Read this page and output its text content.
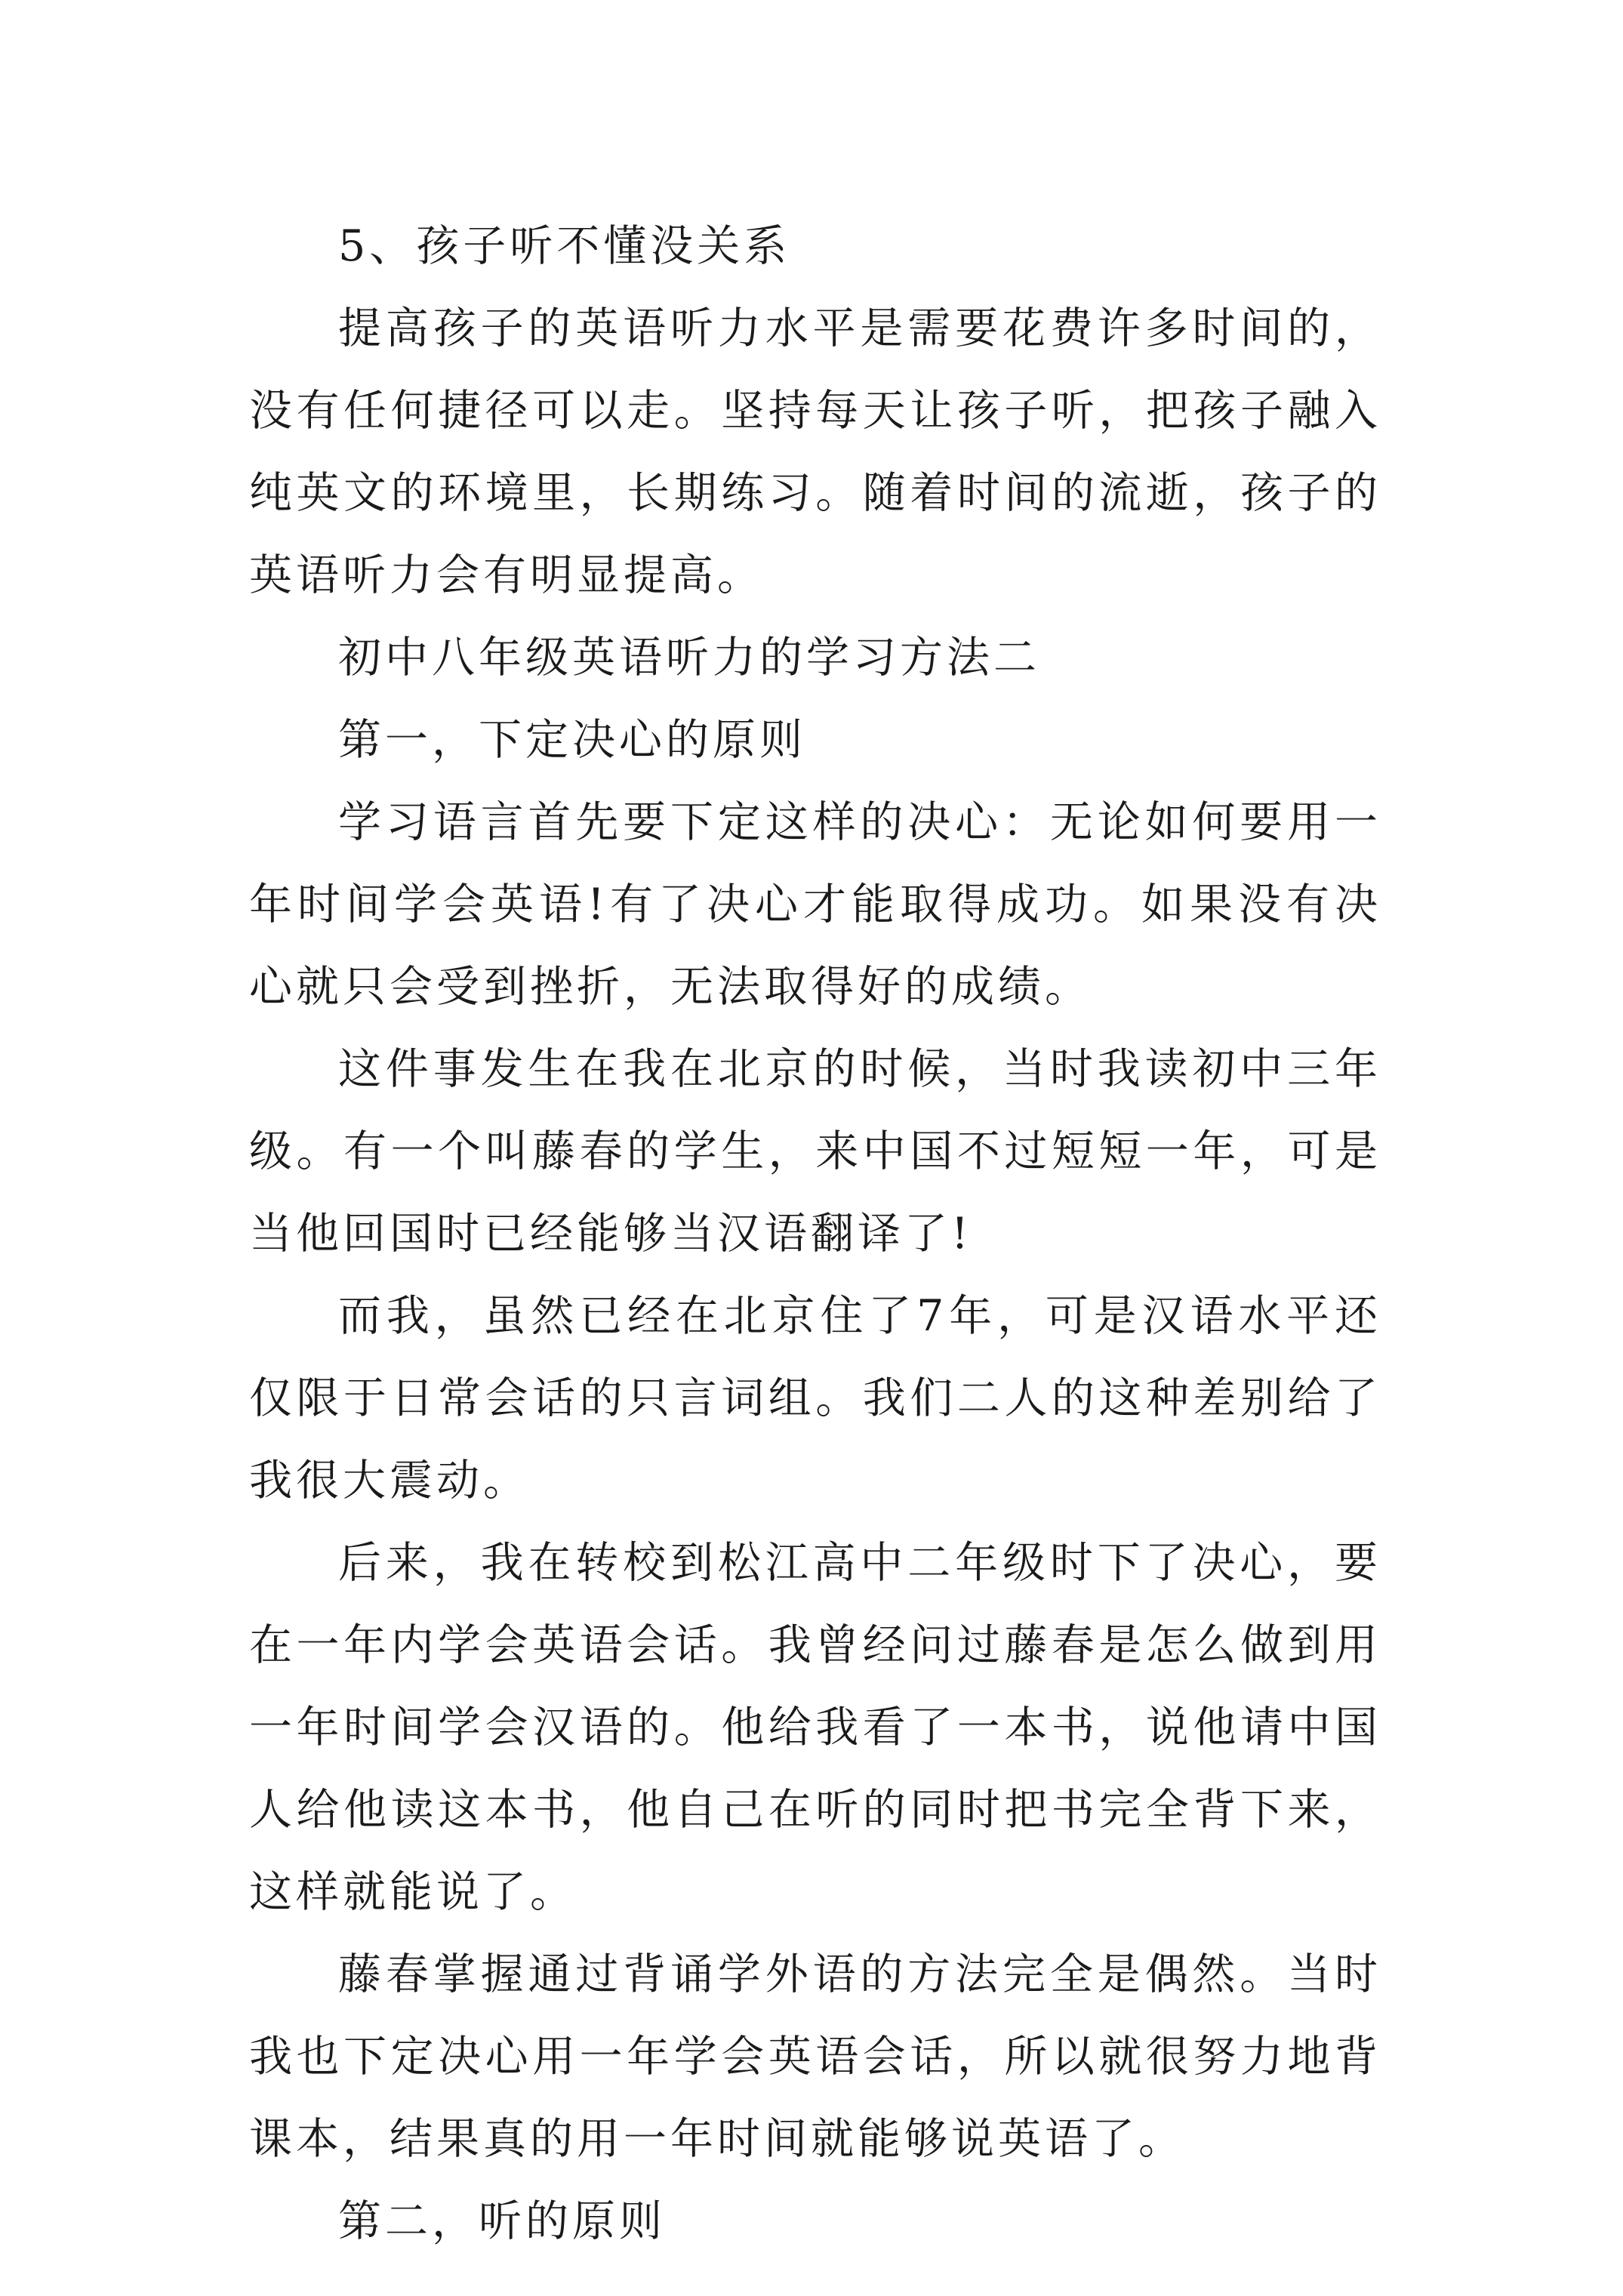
5、孩子听不懂没关系

提高孩子的英语听力水平是需要花费许多时间的，没有任何捷径可以走。坚持每天让孩子听，把孩子融入纯英文的环境里，长期练习。随着时间的流逝，孩子的英语听力会有明显提高。

初中八年级英语听力的学习方法二

第一，下定决心的原则

学习语言首先要下定这样的决心：无论如何要用一年时间学会英语!有了决心才能取得成功。如果没有决心就只会受到挫折，无法取得好的成绩。

这件事发生在我在北京的时候，当时我读初中三年级。有一个叫藤春的学生，来中国不过短短一年，可是当他回国时已经能够当汉语翻译了!

而我，虽然已经在北京住了7年，可是汉语水平还仅限于日常会话的只言词组。我们二人的这种差别给了我很大震动。

后来，我在转校到松江高中二年级时下了决心，要在一年内学会英语会话。我曾经问过藤春是怎么做到用一年时间学会汉语的。他给我看了一本书，说他请中国人给他读这本书，他自己在听的同时把书完全背下来，这样就能说了。

藤春掌握通过背诵学外语的方法完全是偶然。当时我也下定决心用一年学会英语会话，所以就很努力地背课本，结果真的用一年时间就能够说英语了。

第二，听的原则
